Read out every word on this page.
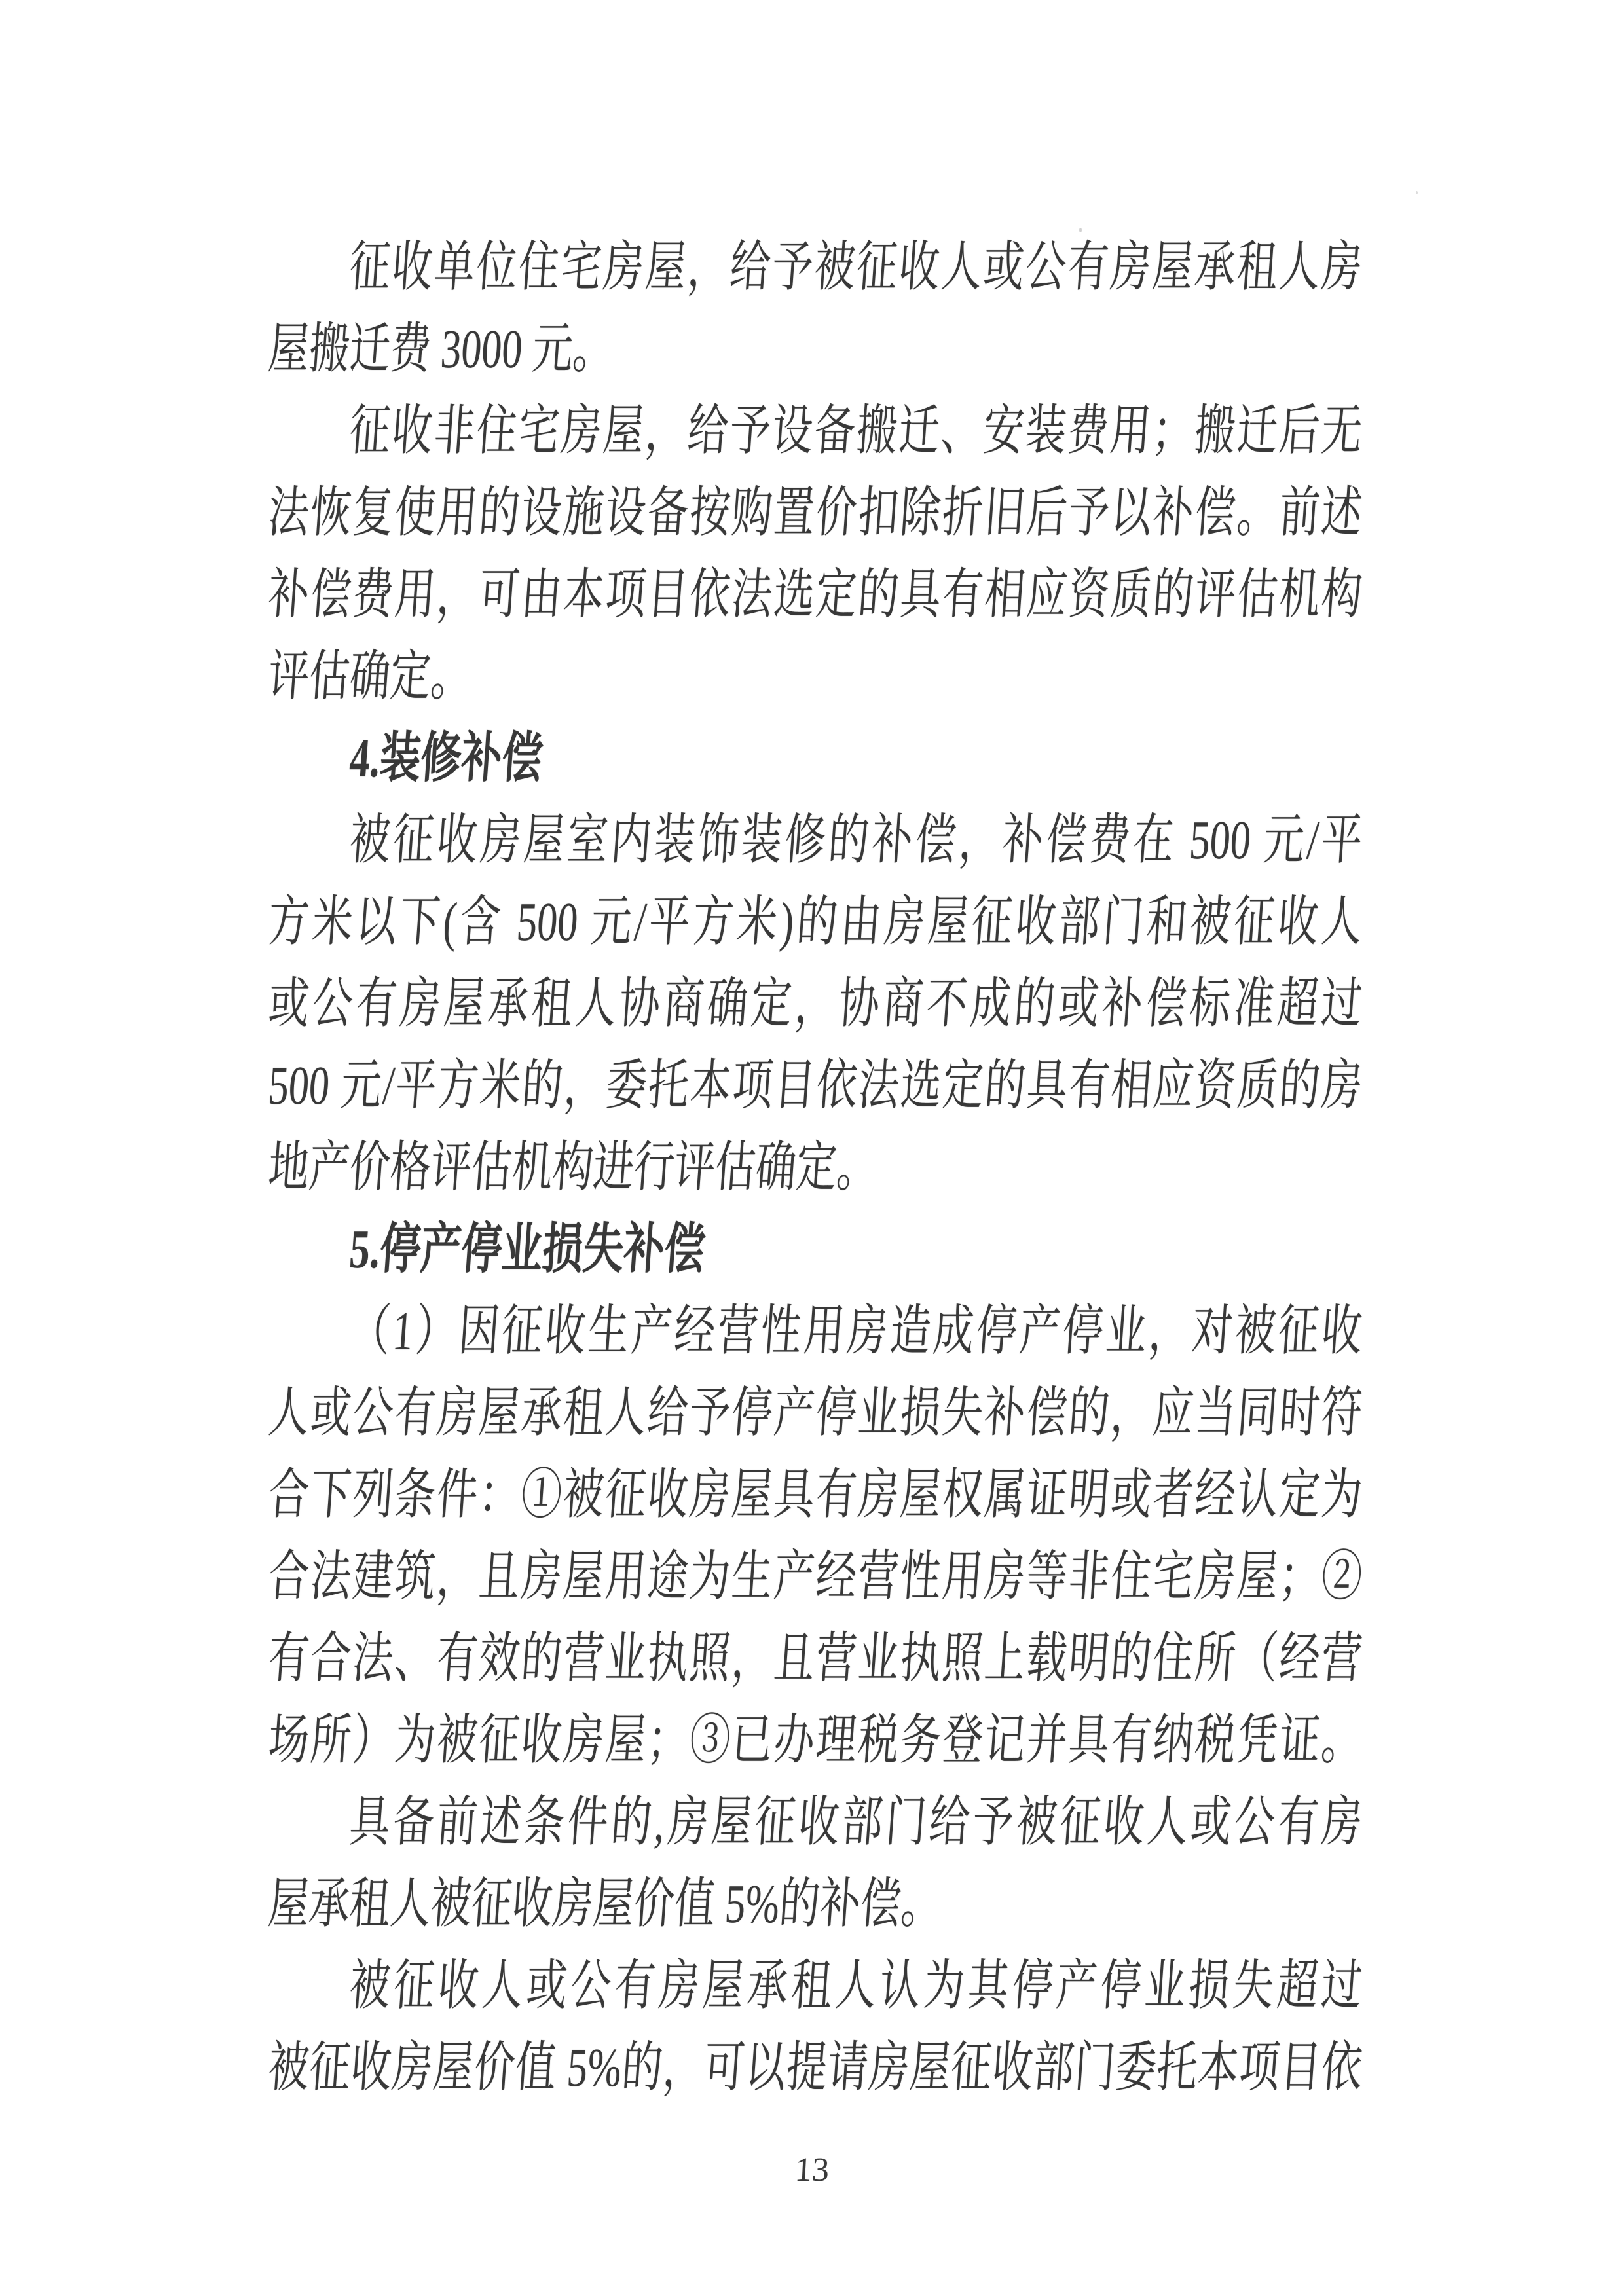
征收单位住宅房屋，给予被征收人或公有房屋承租人房
屋搬迁费 3000 元。
征收非住宅房屋，给予设备搬迁、安装费用；搬迁后无
法恢复使用的设施设备按购置价扣除折旧后予以补偿。前述
补偿费用，可由本项目依法选定的具有相应资质的评估机构
评估确定。
4.装修补偿
被征收房屋室内装饰装修的补偿，补偿费在 500 元/平
方米以下(含 500 元/平方米)的由房屋征收部门和被征收人
或公有房屋承租人协商确定，协商不成的或补偿标准超过
500 元/平方米的，委托本项目依法选定的具有相应资质的房
地产价格评估机构进行评估确定。
5.停产停业损失补偿
（1）因征收生产经营性用房造成停产停业，对被征收
人或公有房屋承租人给予停产停业损失补偿的，应当同时符
合下列条件：①被征收房屋具有房屋权属证明或者经认定为
合法建筑，且房屋用途为生产经营性用房等非住宅房屋；②
有合法、有效的营业执照，且营业执照上载明的住所（经营
场所）为被征收房屋；③已办理税务登记并具有纳税凭证。
具备前述条件的,房屋征收部门给予被征收人或公有房
屋承租人被征收房屋价值 5%的补偿。
被征收人或公有房屋承租人认为其停产停业损失超过
被征收房屋价值 5%的，可以提请房屋征收部门委托本项目依
13
